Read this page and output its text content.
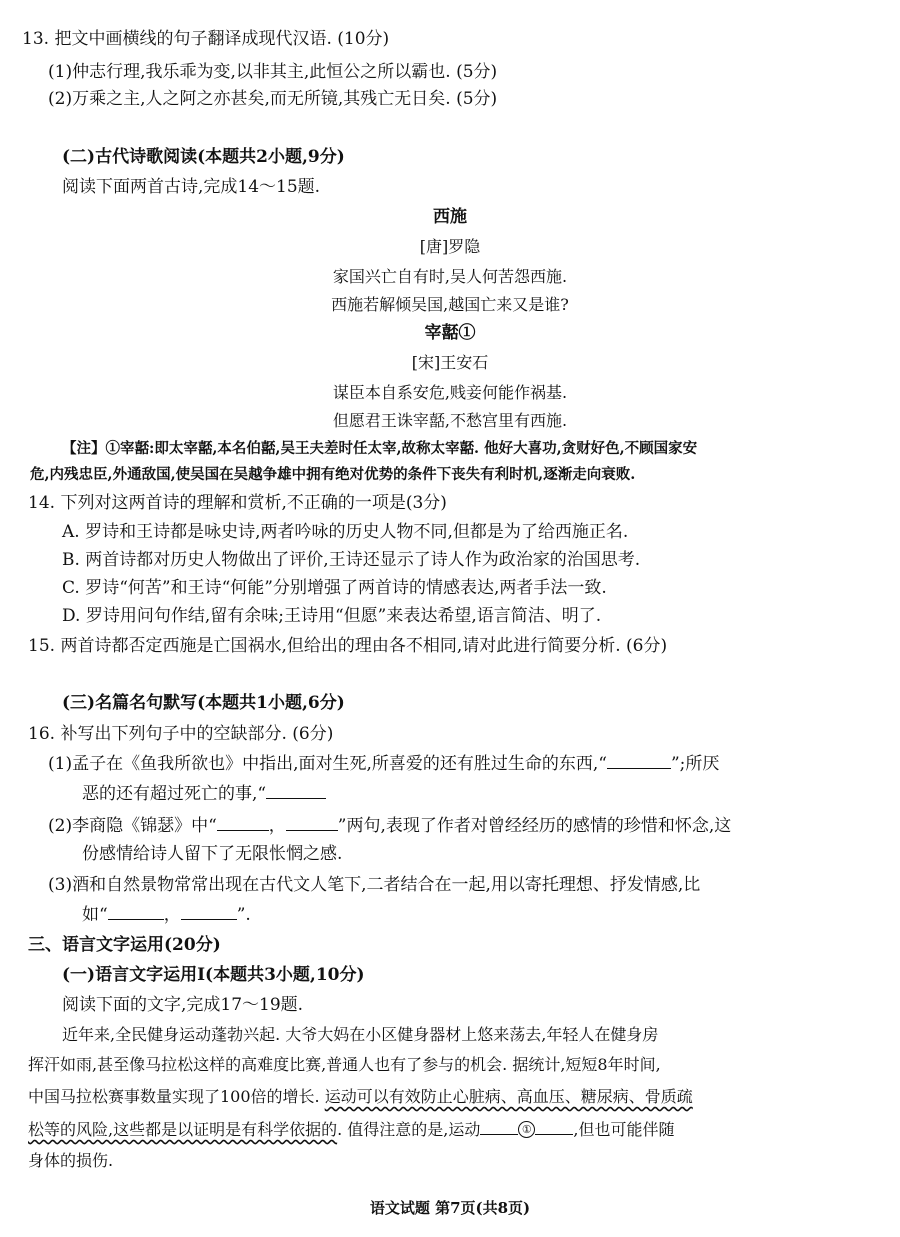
13. 把文中画横线的句子翻译成现代汉语. (10分)
(1)仲志行理,我乐乖为变,以非其主,此恒公之所以霸也. (5分)
(2)万乘之主,人之阿之亦甚矣,而无所镜,其残亡无日矣. (5分)
(二)古代诗歌阅读(本题共2小题,9分)
阅读下面两首古诗,完成14～15题.
西施
[唐]罗隐
家国兴亡自有时,吴人何苦怨西施.
西施若解倾吴国,越国亡来又是谁?
宰嚭①
[宋]王安石
谋臣本自系安危,贱妾何能作祸基.
但愿君王诛宰嚭,不愁宫里有西施.
【注】①宰嚭:即太宰嚭,本名伯嚭,吴王夫差时任太宰,故称太宰嚭. 他好大喜功,贪财好色,不顾国家安
危,内残忠臣,外通敌国,使吴国在吴越争雄中拥有绝对优势的条件下丧失有利时机,逐渐走向衰败.
14. 下列对这两首诗的理解和赏析,不正确的一项是(3分)
A. 罗诗和王诗都是咏史诗,两者吟咏的历史人物不同,但都是为了给西施正名.
B. 两首诗都对历史人物做出了评价,王诗还显示了诗人作为政治家的治国思考.
C. 罗诗“何苦”和王诗“何能”分别增强了两首诗的情感表达,两者手法一致.
D. 罗诗用问句作结,留有余味;王诗用“但愿”来表达希望,语言简洁、明了.
15. 两首诗都否定西施是亡国祸水,但给出的理由各不相同,请对此进行简要分析. (6分)
(三)名篇名句默写(本题共1小题,6分)
16. 补写出下列句子中的空缺部分. (6分)
(1)孟子在《鱼我所欲也》中指出,面对生死,所喜爱的还有胜过生命的东西,“	”;所厌
恶的还有超过死亡的事,“
(2)李商隐《锦瑟》中“	，	”两句,表现了作者对曾经经历的感情的珍惜和怀念,这
份感情给诗人留下了无限怅惘之感.
(3)酒和自然景物常常出现在古代文人笔下,二者结合在一起,用以寄托理想、抒发情感,比
如“	，	”.
三、语言文字运用(20分)
(一)语言文字运用Ⅰ(本题共3小题,10分)
阅读下面的文字,完成17～19题.
近年来,全民健身运动蓬勃兴起. 大爷大妈在小区健身器材上悠来荡去,年轻人在健身房
挥汗如雨,甚至像马拉松这样的高难度比赛,普通人也有了参与的机会. 据统计,短短8年时间,
中国马拉松赛事数量实现了100倍的增长. 运动可以有效防止心脏病、高血压、糖尿病、骨质疏
松等的风险,这些都是以证明是有科学依据的. 值得注意的是,运动	①	,但也可能伴随
身体的损伤.
语文试题 第7页(共8页)
